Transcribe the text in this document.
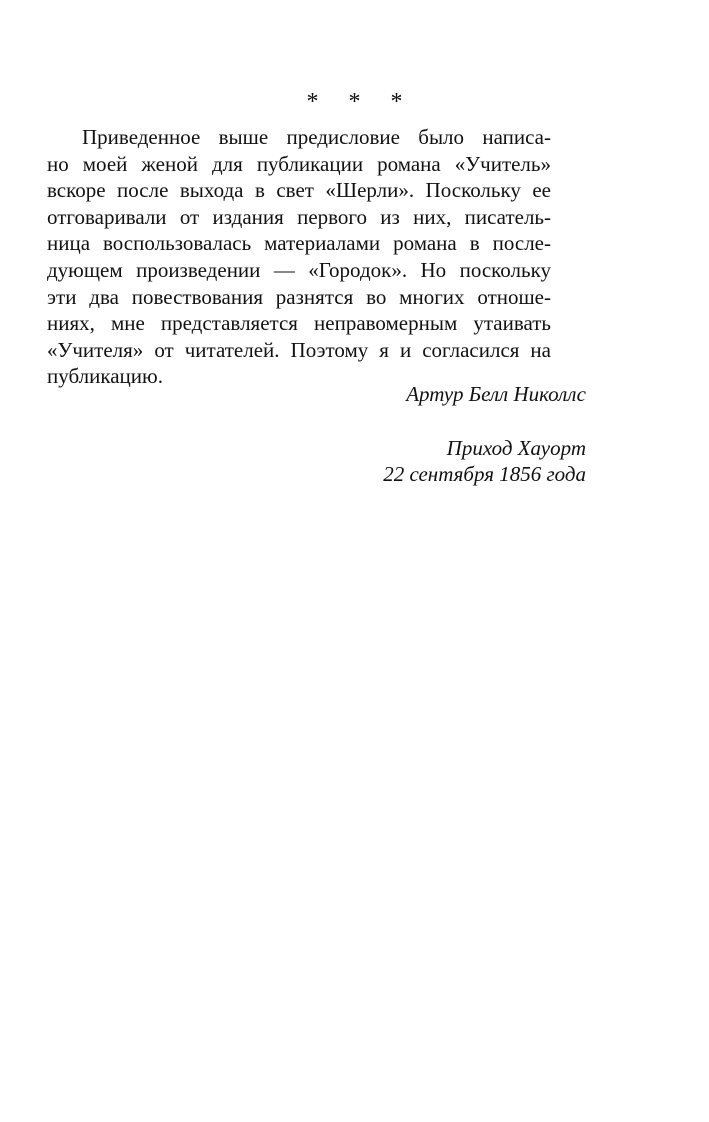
* * *
Приведенное выше предисловие было написа-
но моей женой для публикации романа «Учитель»
вскоре после выхода в свет «Шерли». Поскольку ее
отговаривали от издания первого из них, писатель-
ница воспользовалась материалами романа в после-
дующем произведении — «Городок». Но поскольку
эти два повествования разнятся во многих отноше-
ниях, мне представляется неправомерным утаивать
«Учителя» от читателей. Поэтому я и согласился на
публикацию.
Артур Белл Николлс
Приход Хауорт
22 сентября 1856 года
